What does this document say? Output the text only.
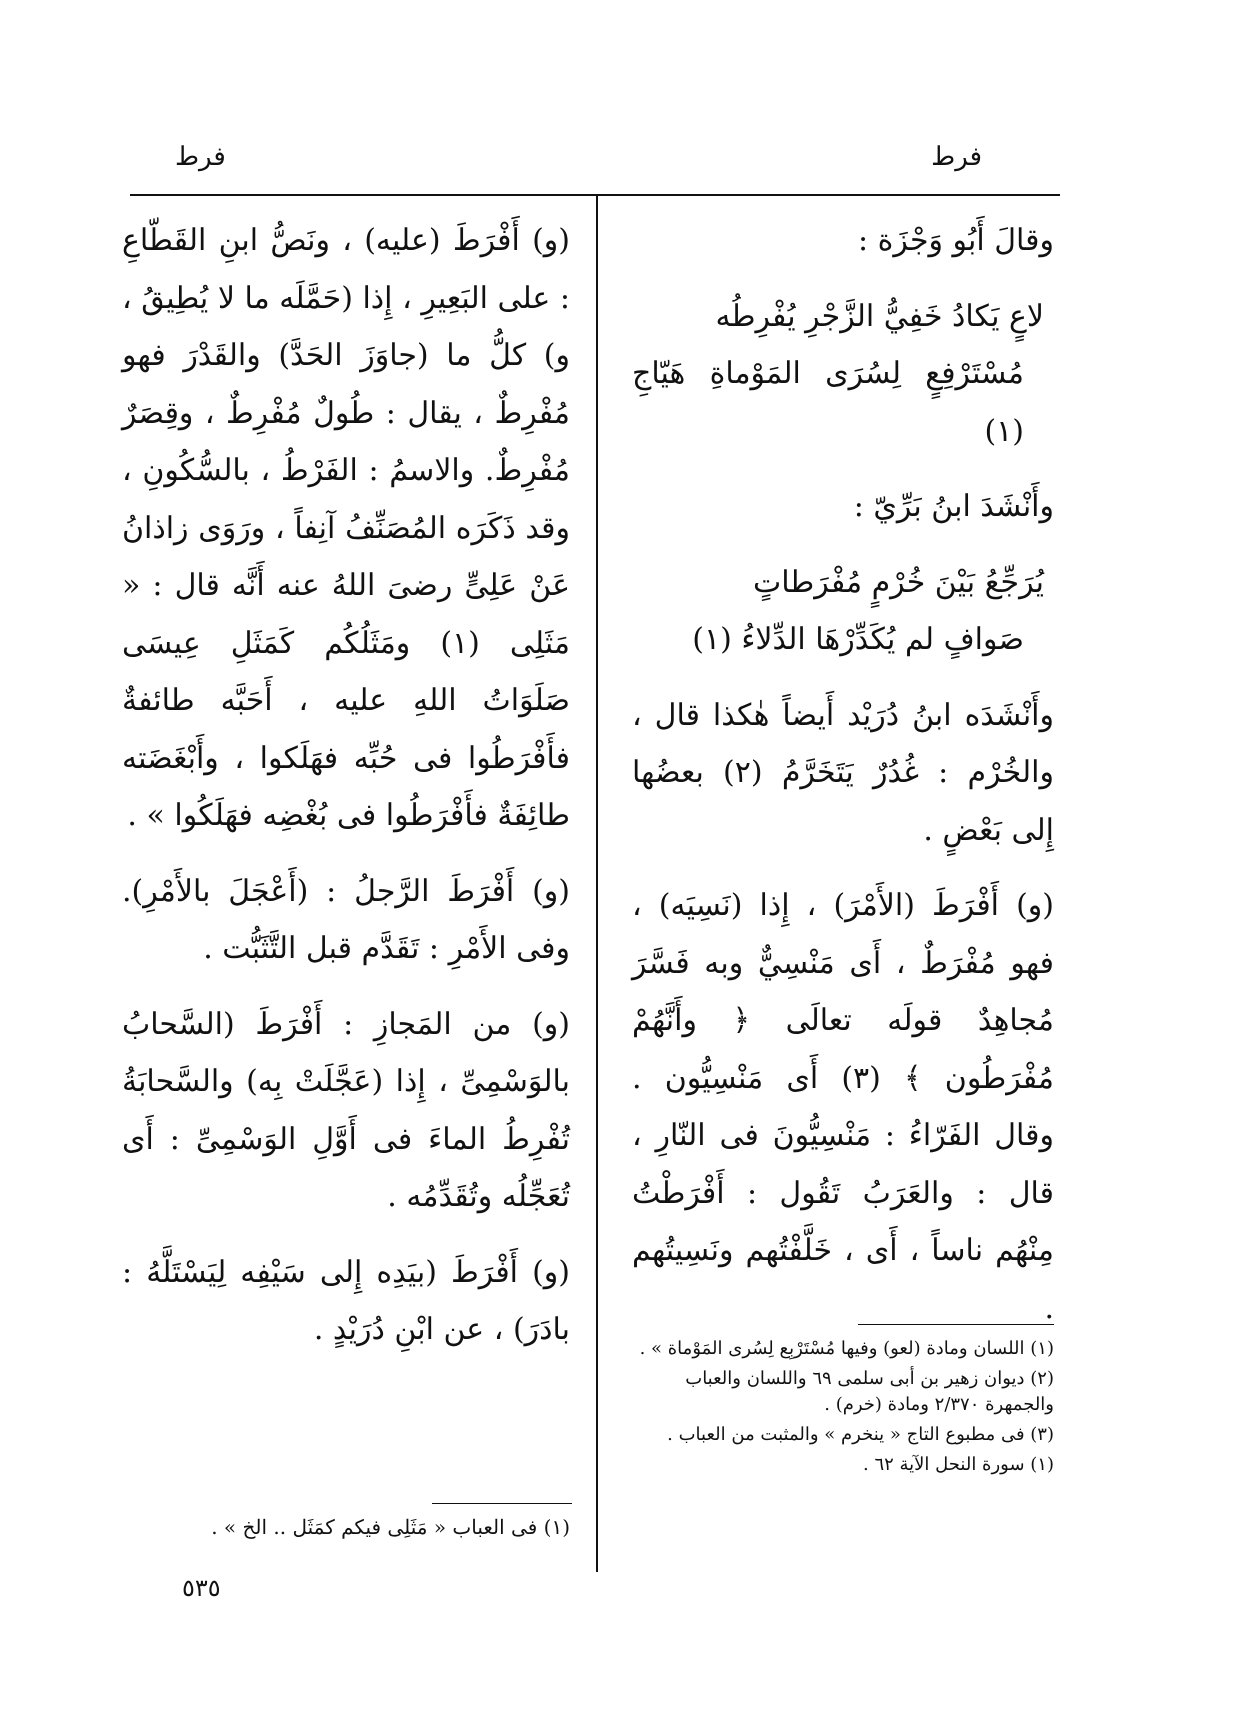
فرط
فرط

وقالَ أَبُو وَجْزَة :

لاعٍ يَكادُ خَفِيُّ الزَّجْرِ يُفْرِطُه

مُسْتَرْفِعٍ لِسُرَى المَوْماةِ هَيّاجِ (١)

وأَنْشَدَ ابنُ بَرِّيّ :

يُرَجِّعُ بَيْنَ خُرْمٍ مُفْرَطاتٍ

صَوافٍ لم يُكَدِّرْهَا الدِّلاءُ (١)

وأَنْشَدَه ابنُ دُرَيْد أَيضاً هٰكذا قال ، والخُرْم : غُدُرٌ يَتَخَرَّمُ (٢) بعضُها إِلى بَعْضٍ .

(و) أَفْرَطَ (الأَمْرَ) ، إِذا (نَسِيَه) ، فهو مُفْرَطٌ ، أَى مَنْسِيٌّ وبه فَسَّرَ مُجاهِدٌ قولَه تعالَى ﴿ وأَنَّهُمْ مُفْرَطُون ﴾ (٣) أَى مَنْسِيُّون . وقال الفَرّاءُ : مَنْسِيُّونَ فى النّارِ ، قال : والعَرَبُ تَقُول : أَفْرَطْتُ مِنْهُم ناساً ، أَى ، خَلَّفْتُهم ونَسِيتُهم .

(١) اللسان ومادة (لعو) وفيها مُسْتَرْبِع لِسُرى المَوْماة » .
(٢) ديوان زهير بن أبى سلمى ٦٩ واللسان والعباب والجمهرة ٢/٣٧٠ ومادة (خرم) .
(٣) فى مطبوع التاج « ينخرم » والمثبت من العباب .
(١) سورة النحل الآية ٦٢ .

(و) أَفْرَطَ (عليه) ، ونَصُّ ابنِ القَطّاعِ : على البَعِيرِ ، إِذا (حَمَّلَه ما لا يُطِيقُ ، و) كلُّ ما (جاوَزَ الحَدَّ) والقَدْرَ فهو مُفْرِطٌ ، يقال : طُولٌ مُفْرِطٌ ، وقِصَرٌ مُفْرِطٌ. والاسمُ : الفَرْطُ ، بالسُّكُونِ ، وقد ذَكَرَه المُصَنِّفُ آنِفاً ، ورَوَى زاذانُ عَنْ عَلِىٍّ رضىَ اللهُ عنه أَنَّه قال : « مَثَلِى (١) ومَثَلُكُم كَمَثَلِ عِيسَى صَلَوَاتُ اللهِ عليه ، أَحَبَّه طائفةٌ فأَفْرَطُوا فى حُبِّه فهَلَكوا ، وأَبْغَضَته طائِفَةٌ فأَفْرَطُوا فى بُغْضِه فهَلَكُوا » .

(و) أَفْرَطَ الرَّجلُ : (أَعْجَلَ بالأَمْرِ). وفى الأَمْرِ : تَقَدَّم قبل التَّثَبُّت .

(و) من المَجازِ : أَفْرَطَ (السَّحابُ بالوَسْمِىِّ ، إِذا (عَجَّلَتْ بِه) والسَّحابَةُ تُفْرِطُ الماءَ فى أَوَّلِ الوَسْمِىِّ : أَى تُعَجِّلُه وتُقَدِّمُه .

(و) أَفْرَطَ (بيَدِه إِلى سَيْفِه لِيَسْتَلَّهُ : بادَرَ) ، عن ابْنِ دُرَيْدٍ .

(١) فى العباب « مَثَلِى فيكم كمَثَل .. الخ » .
٥٣٥
